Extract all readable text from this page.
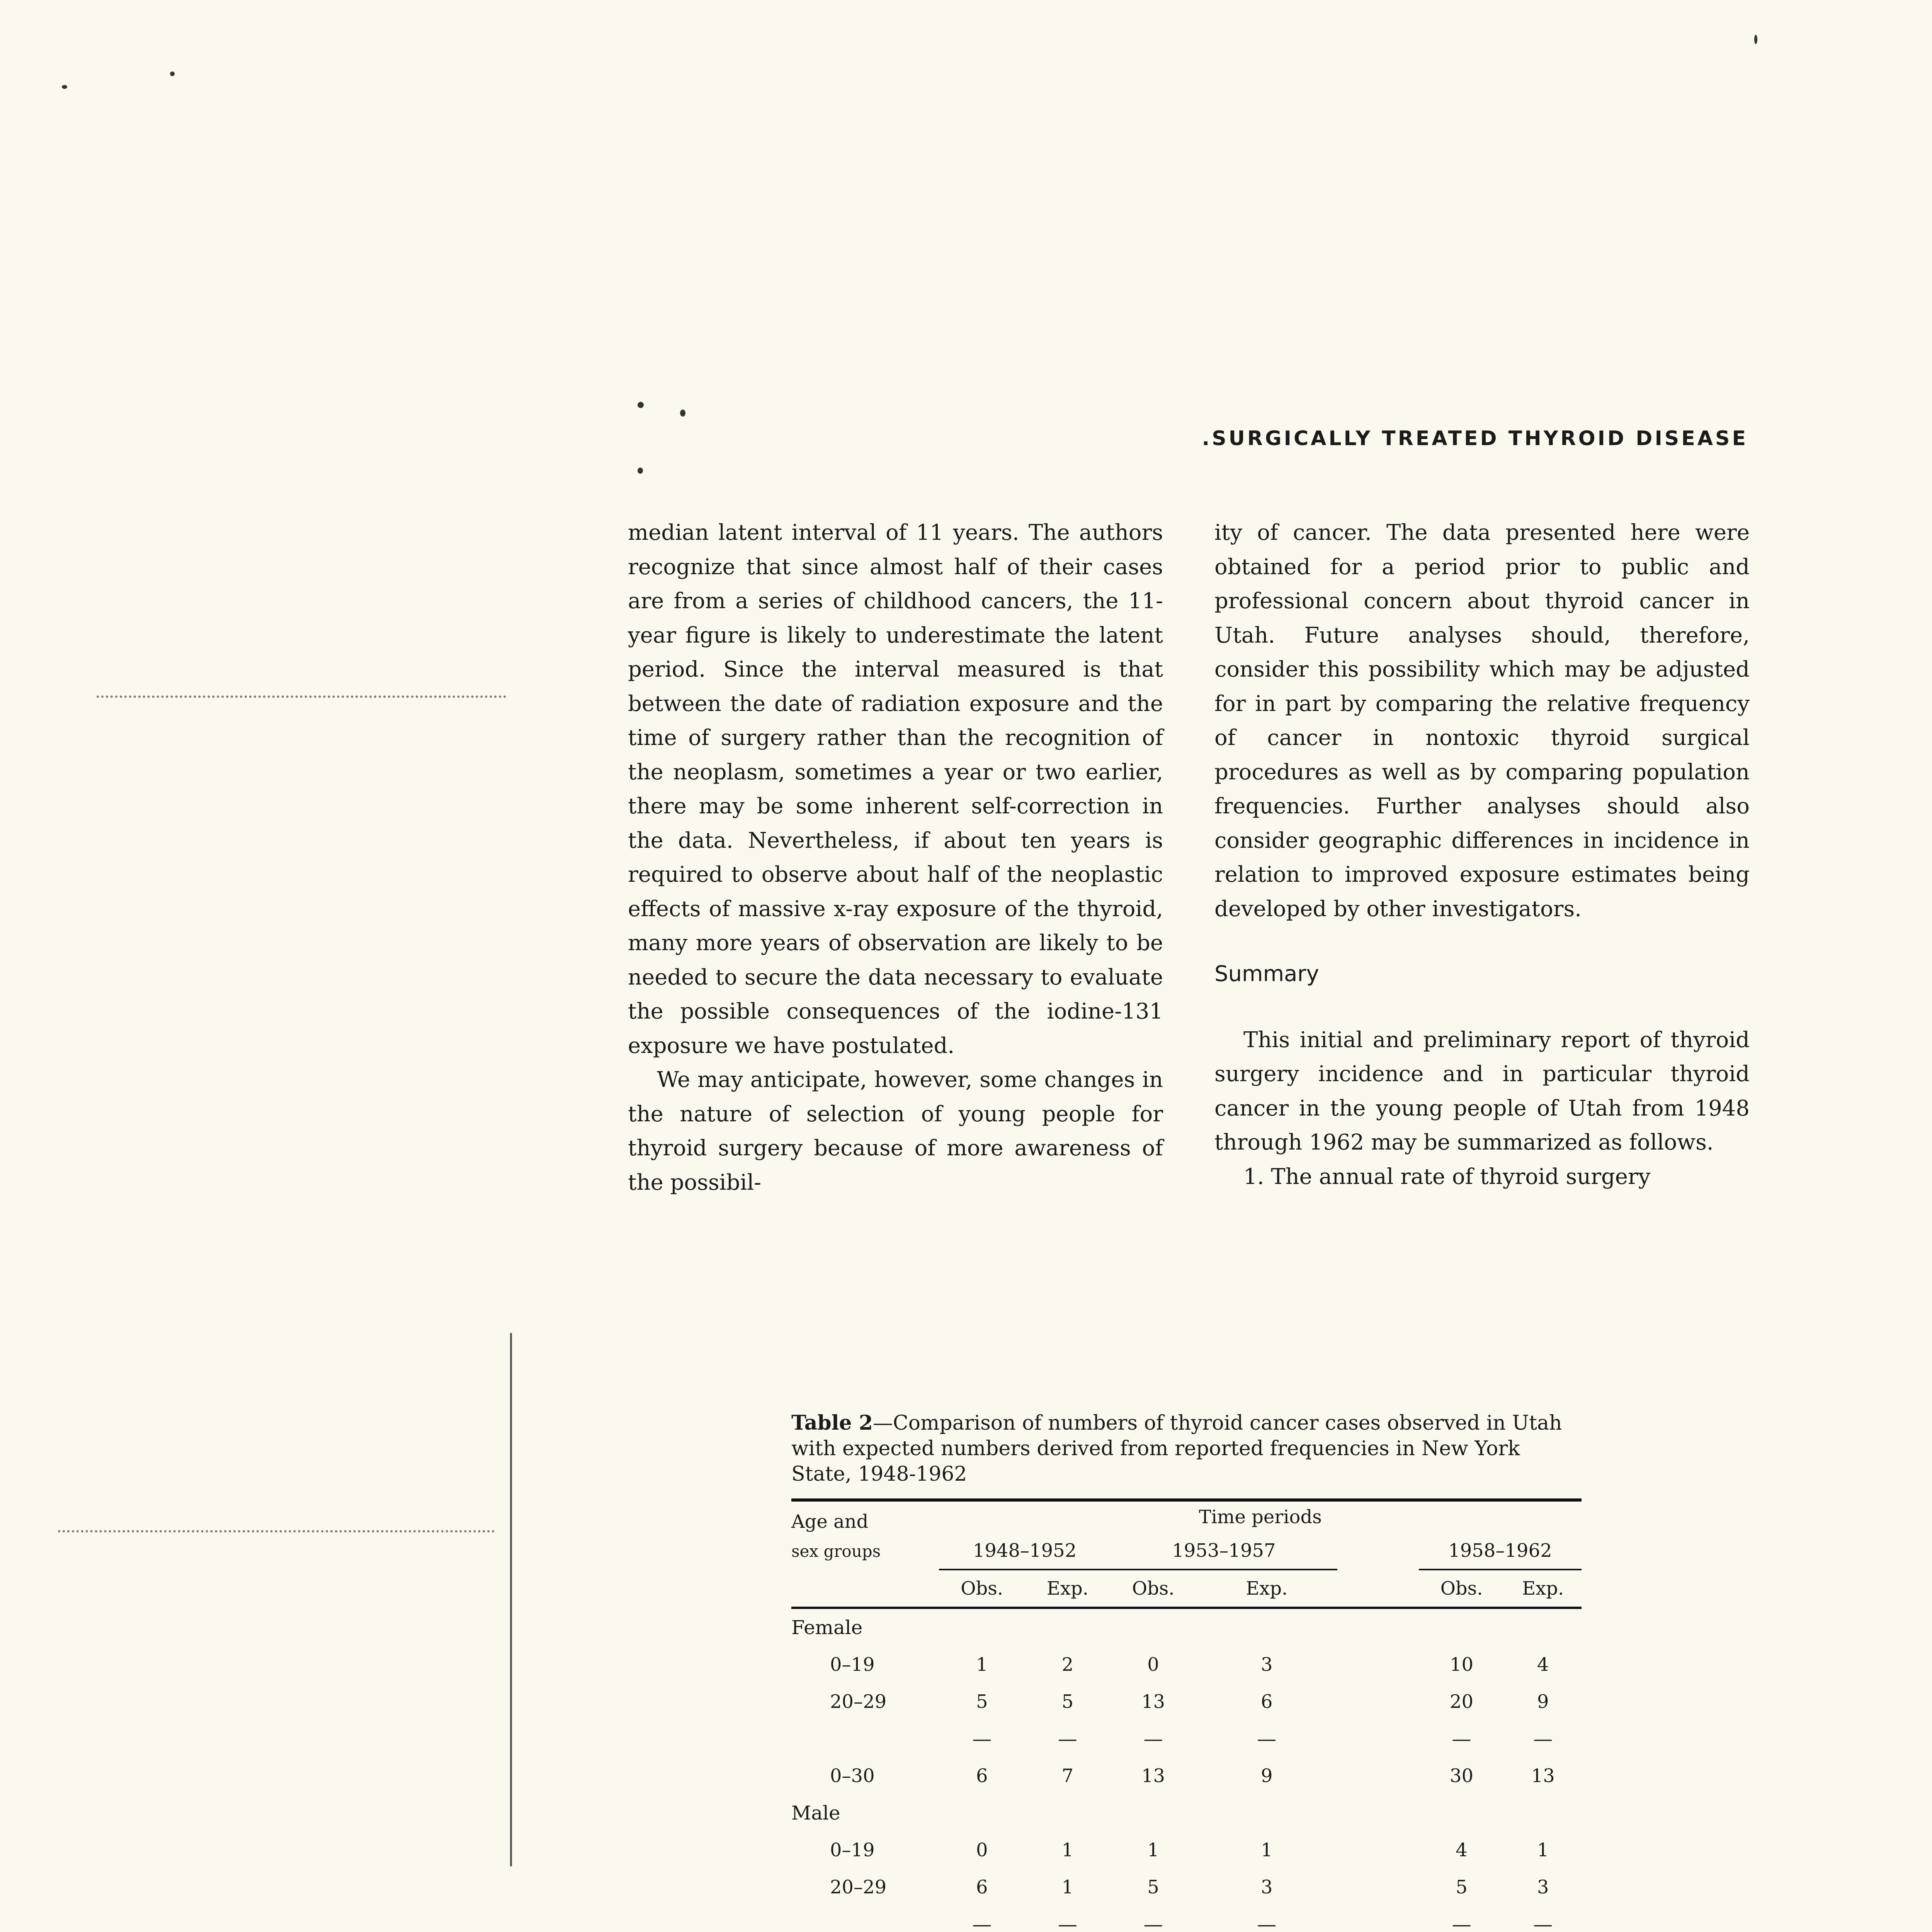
.SURGICALLY TREATED THYROID DISEASE

median latent interval of 11 years. The authors recognize that since almost half of their cases are from a series of childhood cancers, the 11-year figure is likely to underestimate the latent period. Since the interval measured is that between the date of radiation exposure and the time of surgery rather than the recognition of the neoplasm, sometimes a year or two earlier, there may be some inherent self-correction in the data. Nevertheless, if about ten years is required to observe about half of the neoplastic effects of massive x-ray exposure of the thyroid, many more years of observation are likely to be needed to secure the data necessary to evaluate the possible consequences of the iodine-131 exposure we have postulated.

We may anticipate, however, some changes in the nature of selection of young people for thyroid surgery because of more awareness of the possibil-

ity of cancer. The data presented here were obtained for a period prior to public and professional concern about thyroid cancer in Utah. Future analyses should, therefore, consider this possibility which may be adjusted for in part by comparing the relative frequency of cancer in nontoxic thyroid surgical procedures as well as by comparing population frequencies. Further analyses should also consider geographic differences in incidence in relation to improved exposure estimates being developed by other investigators.

Summary

This initial and preliminary report of thyroid surgery incidence and in particular thyroid cancer in the young people of Utah from 1948 through 1962 may be summarized as follows.

1. The annual rate of thyroid surgery

Table 2—Comparison of numbers of thyroid cancer cases observed in Utah with expected numbers derived from reported frequencies in New York State, 1948-1962
Age and	Time periods						
sex groups	1948–1952		1953–1957			1958–1962	
	Obs.	Exp.	Obs.	Exp.		Obs.	Exp.
Female							
0–19	1	2	0	3		10	4
20–29	5	5	13	6		20	9
	—	—	—	—		—	—
0–30	6	7	13	9		30	13
Male							
0–19	0	1	1	1		4	1
20–29	6	1	5	3		5	3
	—	—	—	—		—	—
